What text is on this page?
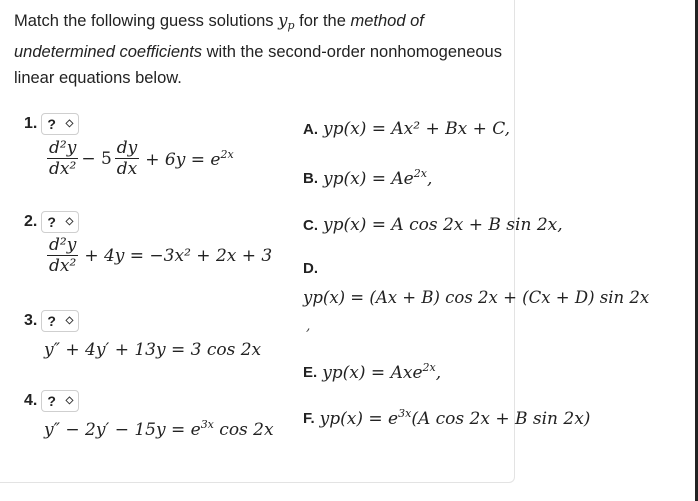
Match the following guess solutions $y_p$ for the method of undetermined coefficients with the second-order nonhomogeneous linear equations below.
1. ? ◇
$\frac{\text{d²y}}{\text{dx²}} - 5 \frac{dy}{dx} + 6y = e^{2x}$
2. ? ◇
$\frac{\text{d²y}}{\text{dx²}} + 4y = -3x^2 + 2x + 3$
3. ? ◇
y″ + 4y′ + 13y = 3 cos 2x
4. ? ◇
$y'' - 2y' - 15y = e^{3x}$ cos 2x
A. yp(x) = Ax² + Bx + C,
B. $yp(x) = Ae^{2x}$,
C. yp(x) = A cos 2x + B sin 2x,
D.
yp(x) = (Ax + B) cos 2x + (Cx + D) sin 2x
,
E. yp(x) = Axe$^{2x}$,
F. $yp(x) = e^{3x}(A$ cos 2x + B sin 2x)
